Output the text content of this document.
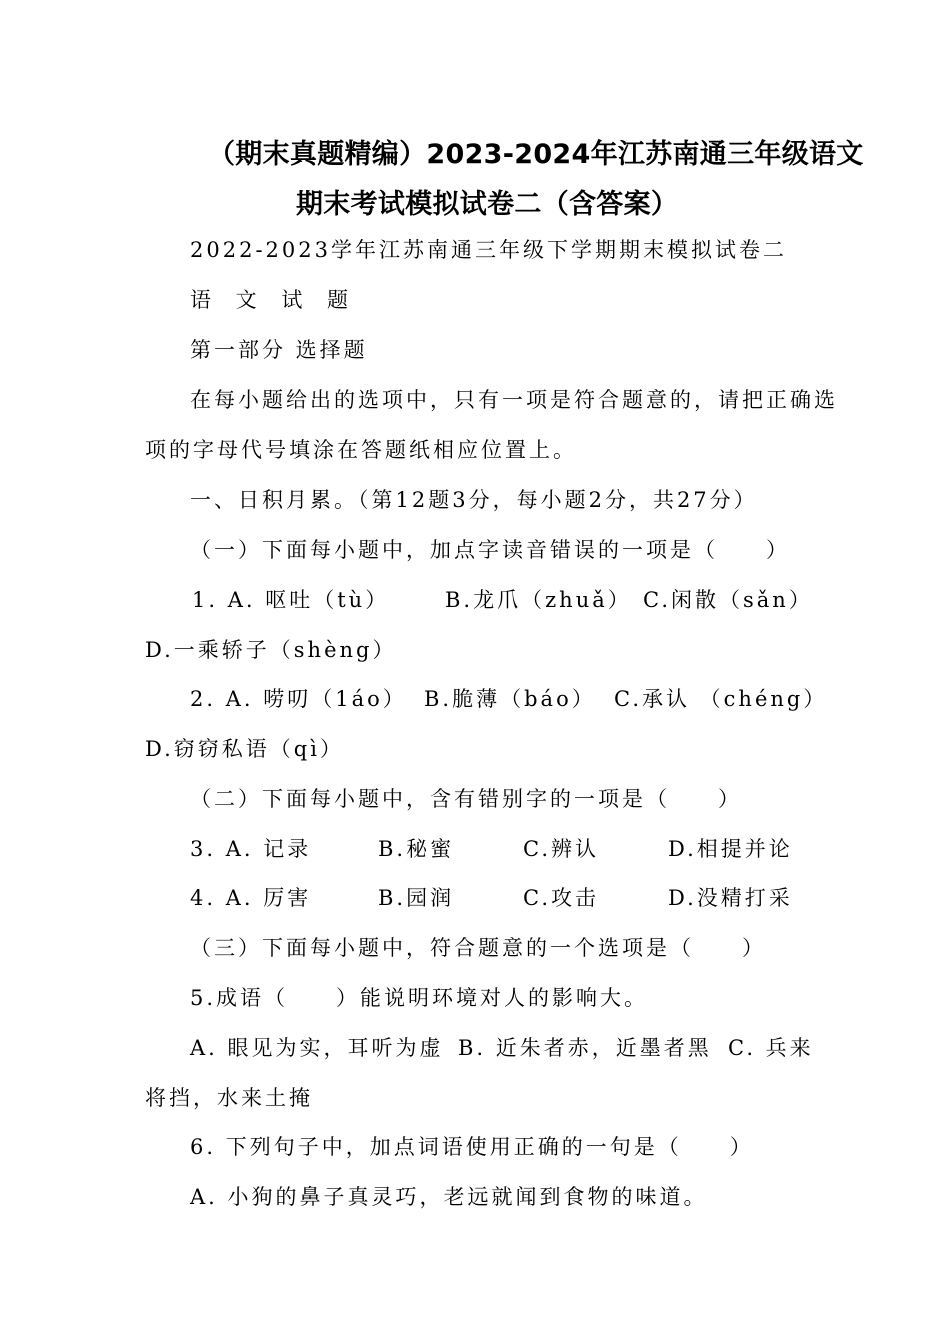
（期末真题精编）2023-2024年江苏南通三年级语文
期末考试模拟试卷二（含答案）
2022-2023学年江苏南通三年级下学期期末模拟试卷二
语 文 试 题
第一部分 选择题
在每小题给出的选项中，只有一项是符合题意的，请把正确选
项的字母代号填涂在答题纸相应位置上。
一、日积月累。（第12题3分，每小题2分，共27分）
（一）下面每小题中，加点字读音错误的一项是（　　）
1. A. 呕吐（tù）	B.龙爪（zhuǎ） C.闲散（sǎn）
D.一乘轿子（shèng）
2. A. 唠叨（1áo） B.脆薄（báo） C.承认 （chéng）
D.窃窃私语（qì）
（二）下面每小题中，含有错别字的一项是（　　）
3. A. 记录	B.秘蜜	C.辨认	D.相提并论
4. A. 厉害	B.园润	C.攻击	D.没精打采
（三）下面每小题中，符合题意的一个选项是（　　）
5.成语（　　）能说明环境对人的影响大。
A. 眼见为实，耳听为虚 B. 近朱者赤，近墨者黑 C. 兵来
将挡，水来土掩
6. 下列句子中，加点词语使用正确的一句是（　　）
A. 小狗的鼻子真灵巧，老远就闻到食物的味道。
